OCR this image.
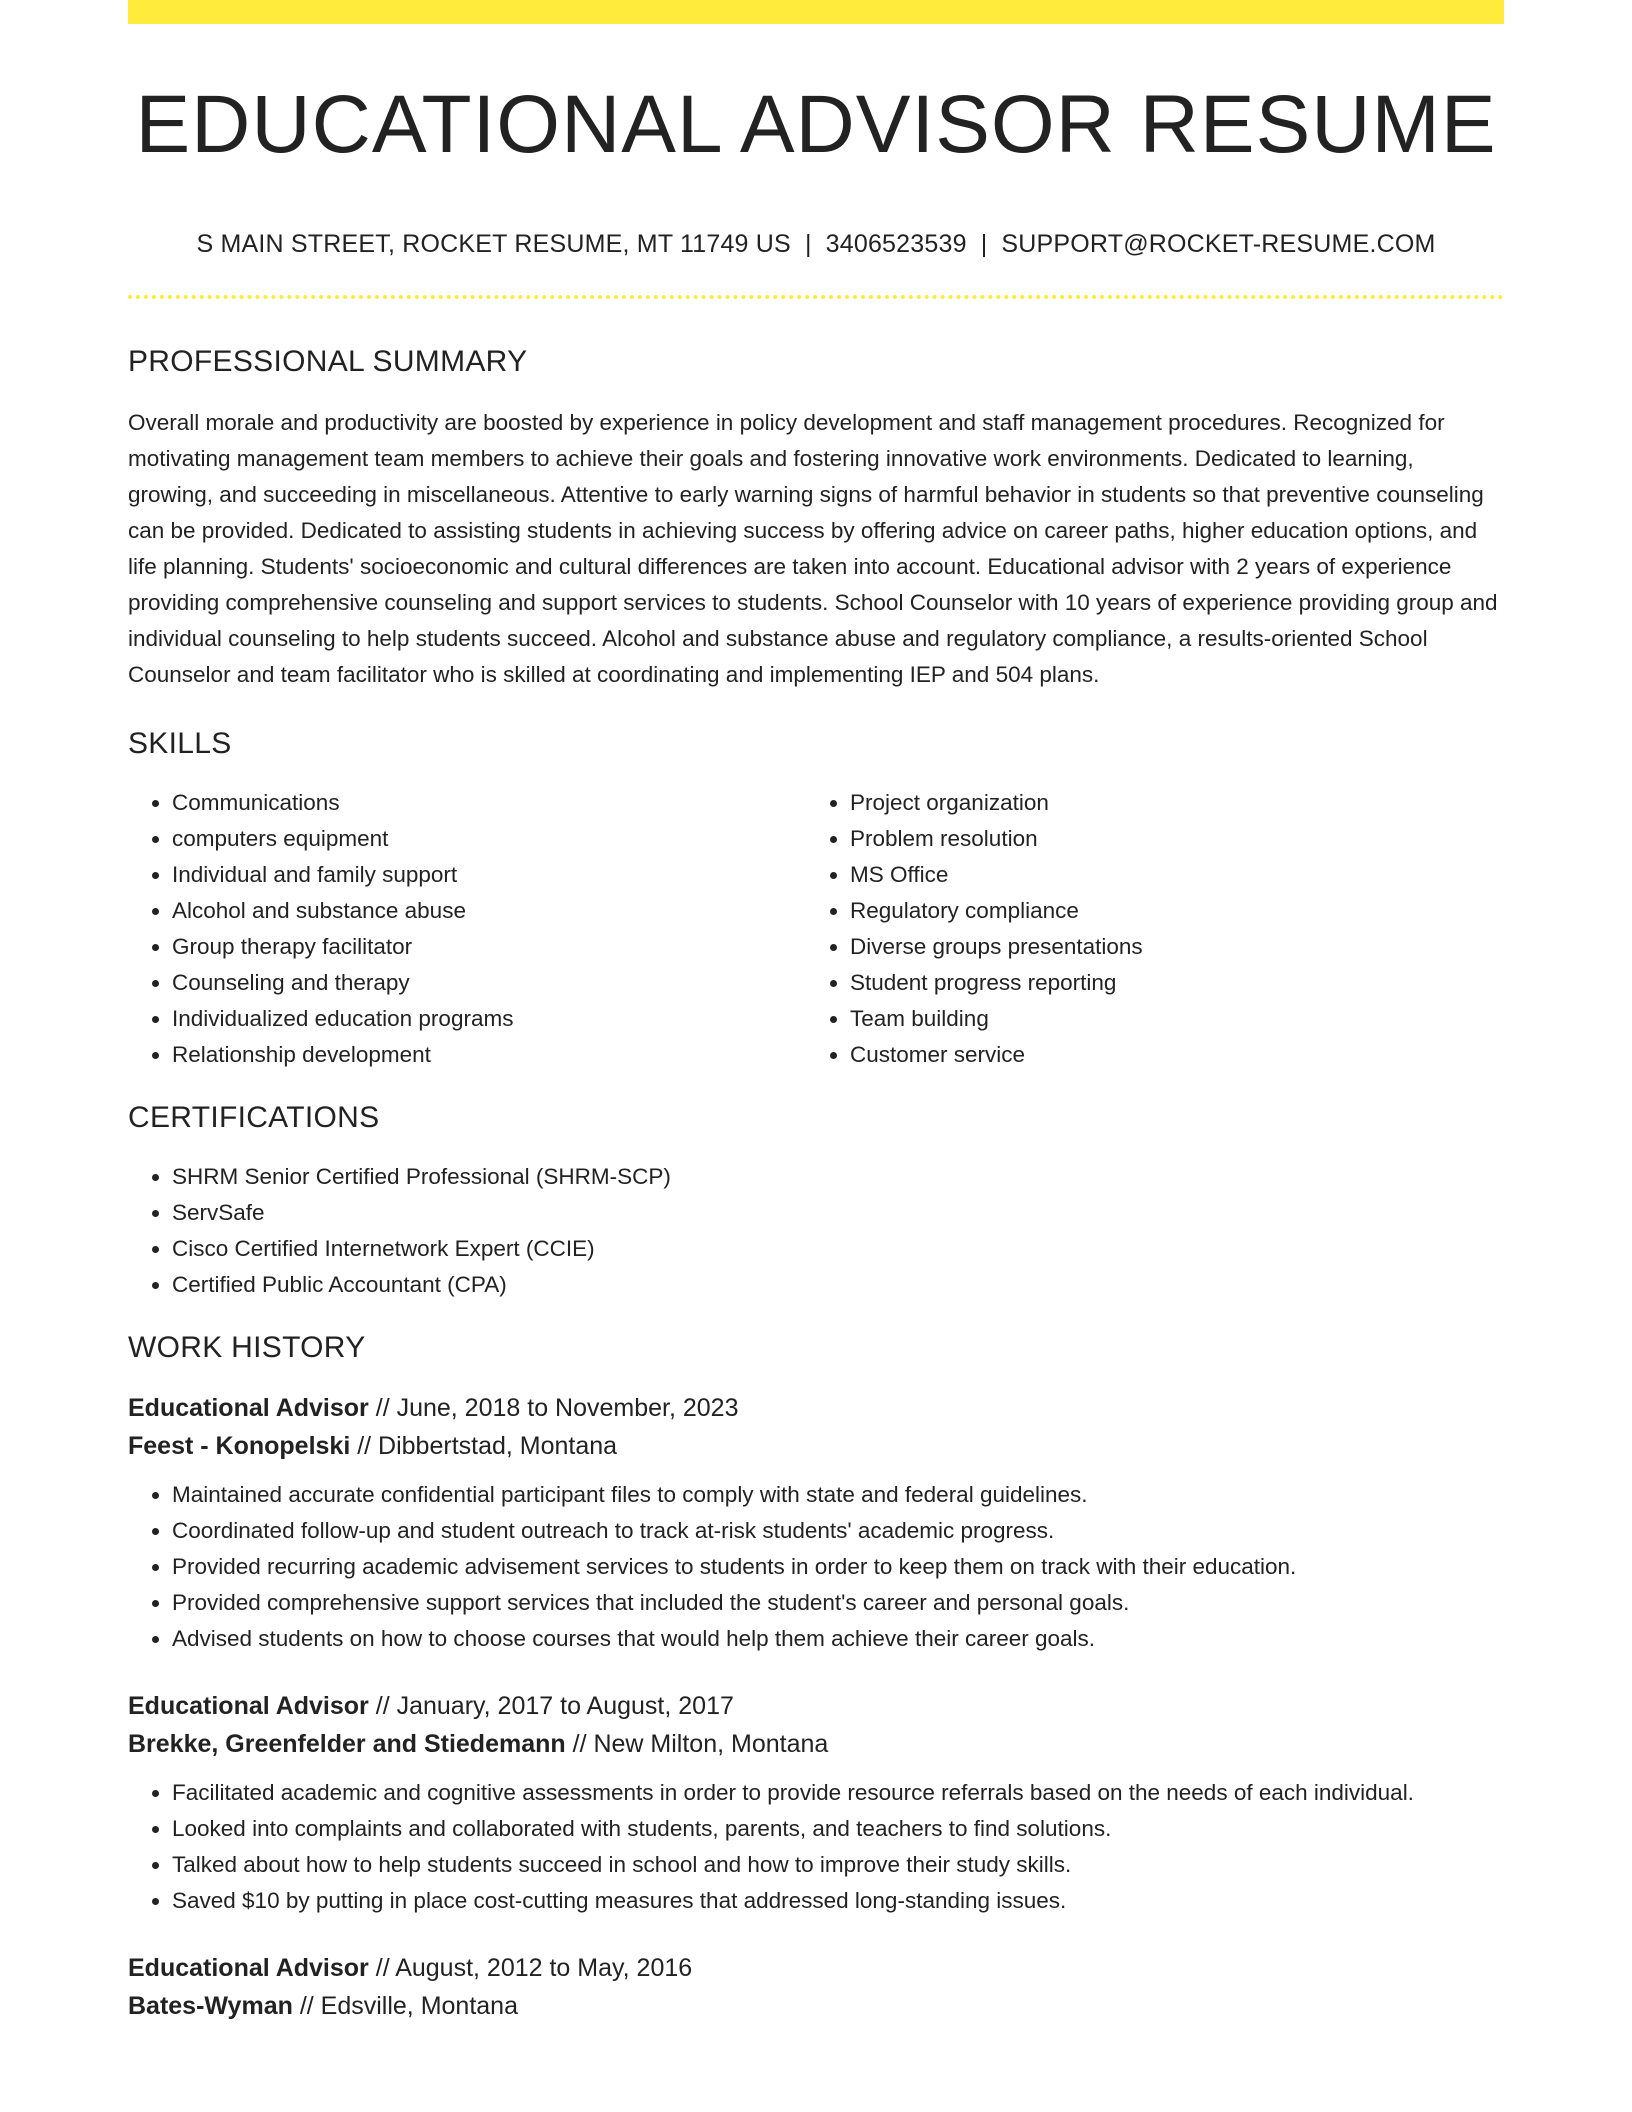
EDUCATIONAL ADVISOR RESUME
S MAIN STREET, ROCKET RESUME, MT 11749 US | 3406523539 | SUPPORT@ROCKET-RESUME.COM
PROFESSIONAL SUMMARY
Overall morale and productivity are boosted by experience in policy development and staff management procedures. Recognized for motivating management team members to achieve their goals and fostering innovative work environments. Dedicated to learning, growing, and succeeding in miscellaneous. Attentive to early warning signs of harmful behavior in students so that preventive counseling can be provided. Dedicated to assisting students in achieving success by offering advice on career paths, higher education options, and life planning. Students' socioeconomic and cultural differences are taken into account. Educational advisor with 2 years of experience providing comprehensive counseling and support services to students. School Counselor with 10 years of experience providing group and individual counseling to help students succeed. Alcohol and substance abuse and regulatory compliance, a results-oriented School Counselor and team facilitator who is skilled at coordinating and implementing IEP and 504 plans.
SKILLS
• Communications
• computers equipment
• Individual and family support
• Alcohol and substance abuse
• Group therapy facilitator
• Counseling and therapy
• Individualized education programs
• Relationship development
• Project organization
• Problem resolution
• MS Office
• Regulatory compliance
• Diverse groups presentations
• Student progress reporting
• Team building
• Customer service
CERTIFICATIONS
• SHRM Senior Certified Professional (SHRM-SCP)
• ServSafe
• Cisco Certified Internetwork Expert (CCIE)
• Certified Public Accountant (CPA)
WORK HISTORY
Educational Advisor // June, 2018 to November, 2023
Feest - Konopelski // Dibbertstad, Montana
• Maintained accurate confidential participant files to comply with state and federal guidelines.
• Coordinated follow-up and student outreach to track at-risk students' academic progress.
• Provided recurring academic advisement services to students in order to keep them on track with their education.
• Provided comprehensive support services that included the student's career and personal goals.
• Advised students on how to choose courses that would help them achieve their career goals.
Educational Advisor // January, 2017 to August, 2017
Brekke, Greenfelder and Stiedemann // New Milton, Montana
• Facilitated academic and cognitive assessments in order to provide resource referrals based on the needs of each individual.
• Looked into complaints and collaborated with students, parents, and teachers to find solutions.
• Talked about how to help students succeed in school and how to improve their study skills.
• Saved $10 by putting in place cost-cutting measures that addressed long-standing issues.
Educational Advisor // August, 2012 to May, 2016
Bates-Wyman // Edsville, Montana
